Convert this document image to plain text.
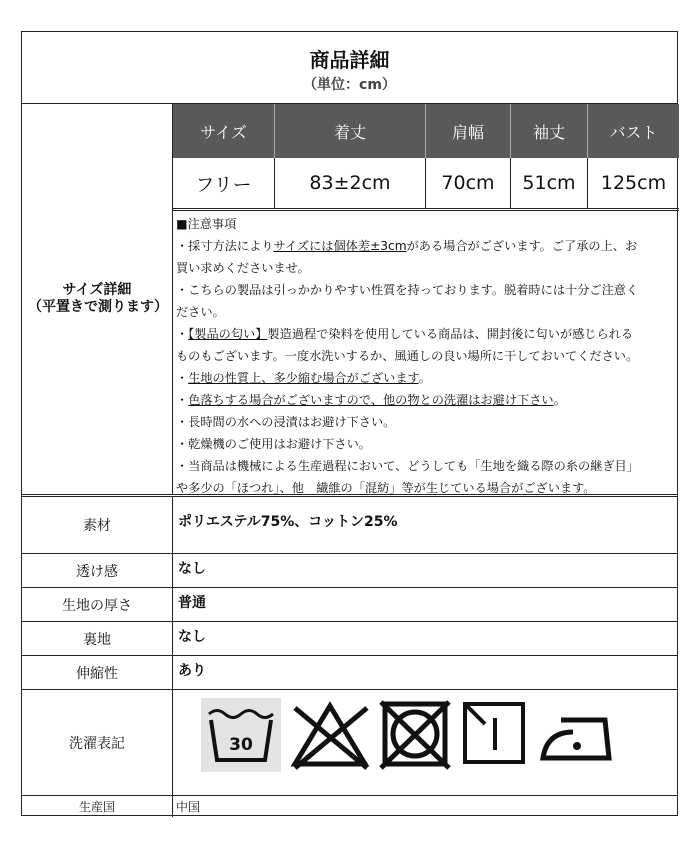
商品詳細
（単位：cm）
サイズ詳細
（平置きで測ります）
サイズ	着丈	肩幅	袖丈	バスト
フリー	83±2cm	70cm	51cm	125cm
■注意事項
・採寸方法によりサイズには個体差±3cmがある場合がございます。ご了承の上、お
買い求めくださいませ。
・こちらの製品は引っかかりやすい性質を持っております。脱着時には十分ご注意く
ださい。
・【製品の匂い】製造過程で染料を使用している商品は、開封後に匂いが感じられる
ものもございます。一度水洗いするか、風通しの良い場所に干しておいてください。
・生地の性質上、多少縮む場合がございます。
・色落ちする場合がございますので、他の物との洗濯はお避け下さい。
・長時間の水への浸漬はお避け下さい。
・乾燥機のご使用はお避け下さい。
・当商品は機械による生産過程において、どうしても「生地を織る際の糸の継ぎ目」
や多少の「ほつれ」、他　繊維の「混紡」等が生じている場合がございます。
素材	ポリエステル75%、コットン25%
透け感	なし
生地の厚さ	普通
裏地	なし
伸縮性	あり
洗濯表記	30
生産国	中国
